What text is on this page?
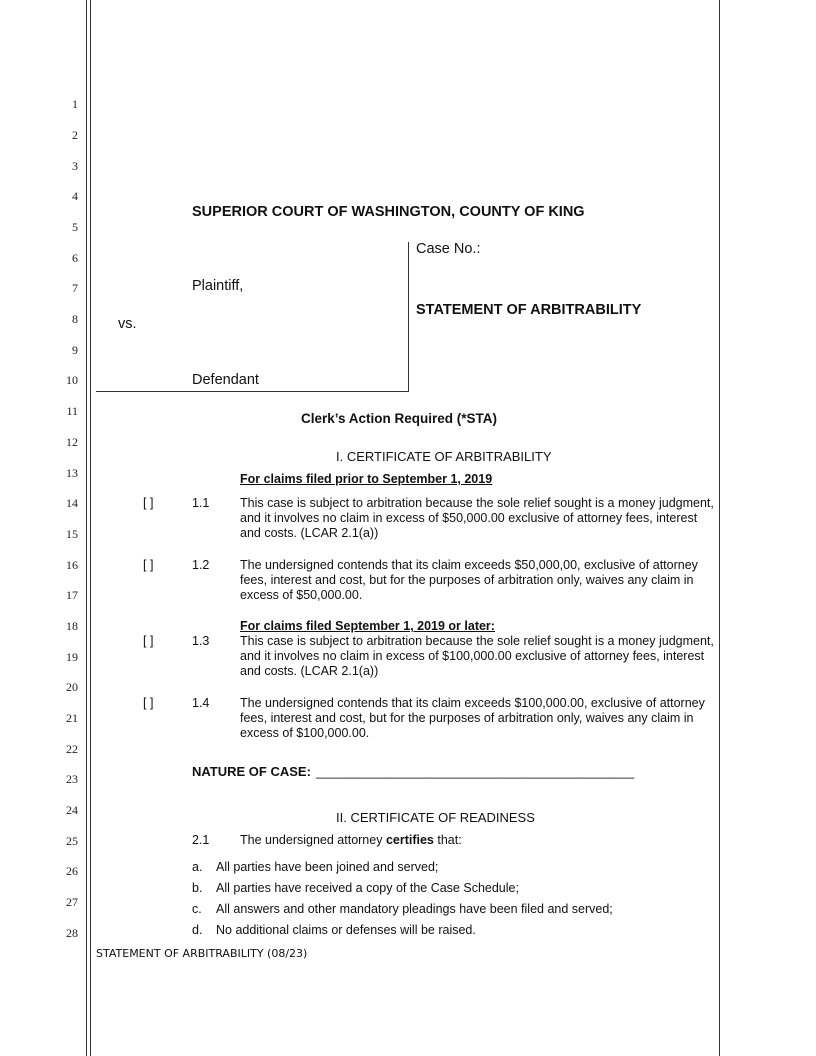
1
2
3
4
5
6
7
8
9
10
11
12
13
14
15
16
17
18
19
20
21
22
23
24
25
26
27
28
SUPERIOR COURT OF WASHINGTON, COUNTY OF KING
Case No.:
Plaintiff,
STATEMENT OF ARBITRABILITY
vs.
Defendant
Clerk’s Action Required (*STA)
I. CERTIFICATE OF ARBITRABILITY
For claims filed prior to September 1, 2019
[ ]	1.1 This case is subject to arbitration because the sole relief sought is a money judgment, and it involves no claim in excess of $50,000.00 exclusive of attorney fees, interest and costs. (LCAR 2.1(a))
[ ]	1.2 The undersigned contends that its claim exceeds $50,000,00, exclusive of attorney fees, interest and cost, but for the purposes of arbitration only, waives any claim in excess of $50,000.00.
For claims filed September 1, 2019 or later:
[ ]	1.3 This case is subject to arbitration because the sole relief sought is a money judgment, and it involves no claim in excess of $100,000.00 exclusive of attorney fees, interest and costs. (LCAR 2.1(a))
[ ]	1.4 The undersigned contends that its claim exceeds $100,000.00, exclusive of attorney fees, interest and cost, but for the purposes of arbitration only, waives any claim in excess of $100,000.00.
NATURE OF CASE: ____________________________________________
II. CERTIFICATE OF READINESS
2.1 The undersigned attorney certifies that:
a. All parties have been joined and served;
b. All parties have received a copy of the Case Schedule;
c. All answers and other mandatory pleadings have been filed and served;
d. No additional claims or defenses will be raised.
STATEMENT OF ARBITRABILITY (08/23)
